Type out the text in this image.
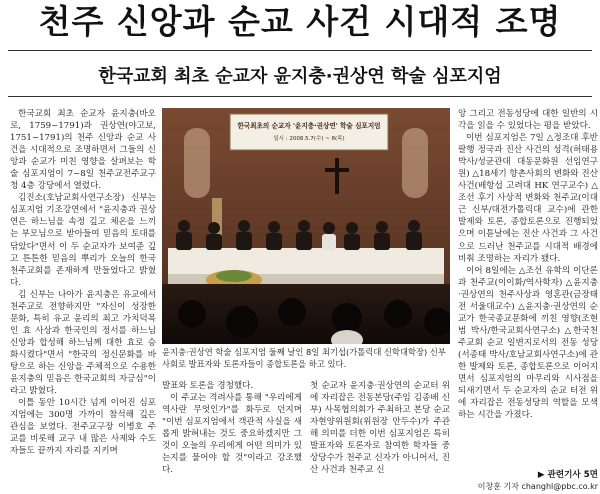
천주 신앙과 순교 사건 시대적 조명
한국교회 최초 순교자 윤지충·권상연 학술 심포지엄

한국교회 최초 순교자 윤지충(바오로, 1759~1791)과 권상연(야고보, 1751~1791)의 천주 신앙과 순교 사건을 시대적으로 조명하면서 그들의 신앙과 순교가 미친 영향을 살펴보는 학술 심포지엄이 7~8일 천주교전주교구청 4층 강당에서 열렸다.

김진소(호남교회사연구소장) 신부는 심포지엄 기조강연에서 "윤지충과 권상연은 하느님을 속정 깊고 체온을 느끼는 부모님으로 받아들여 믿음의 토대를 닦았다"면서 이 두 순교자가 보여준 깊고 튼튼한 믿음의 뿌리가 오늘의 한국 천주교회를 존재하게 만들었다고 밝혔다.

김 신부는 나아가 윤지충은 유교에서 천주교로 전향하지만 "자신이 성장한 문화, 특히 유교 윤리의 최고 가치덕목인 효 사상과 한국인의 정서를 하느님 신앙과 합성해 하느님께 대한 효로 승화시켰다"면서 "한국의 정신문화를 바탕으로 하는 신앙을 주체적으로 수용한 윤지충의 믿음은 한국교회의 자긍심"이라고 밝혔다.

이틀 동안 10시간 넘게 이어진 심포지엄에는 300명 가까이 참석해 깊은 관심을 보였다. 전주교구장 이병호 주교를 비롯해 교구 내 많은 사제와 수도자들도 끝까지 자리를 지키며

한국최초의 순교자 '윤지충·권상연' 학술 심포지엄
일시 : 2008.5.7(수) ~ 8(목)
윤지충·권상연 학술 심포지엄 둘째 날인 8일 최기섭(가톨릭대 신학대학장) 신부 사회로 발표자와 토론자들이 종합토론을 하고 있다.

발표와 토론을 경청했다.

이 주교는 격려사를 통해 "우리에게 역사란 무엇인가"를 화두로 던지며 "이번 심포지엄에서 객관적 사실을 새롭게 밝혀내는 것도 중요하겠지만 그것이 오늘의 우리에게 어떤 의미가 있는지를 물어야 할 것"이라고 강조했다.

첫 순교자 윤지충·권상연의 순교터 위에 자리잡은 전동본당(주임 김종배 신부) 사목협의회가 주최하고 본당 순교자현양위원회(위원장 안두수)가 주관해 의미를 더한 이번 심포지엄은 특히 발표자와 토론자로 참여한 학자들 중 상당수가 천주교 신자가 아니어서, 진산 사건과 천주교 신

앙 그리고 전동성당에 대한 일반의 시각을 읽을 수 있었다는 평을 받았다.

이번 심포지엄은 7일 △정조대 후반 팔행 정국과 진산 사건의 성격(허태용 박사/성균관대 대동문화원 선임연구원) △18세기 향촌사회의 변화와 진산사건(배항섭 고려대 HK 연구교수) △조선 후기 사상적 변화와 천주교(이대근 신부/대전가톨릭대 교수)에 관한 발제와 토론, 종합토론으로 진행되었으며 이튿날에는 진산 사건과 그 사건으로 드러난 천주교를 시대적 배경에 비춰 조명하는 자리가 됐다.

이어 8일에는 △조선 유학의 이단론과 천주교(이이화/역사학자) △윤지충·권상연의 천주사상과 영혼관(금장태 전 서울대교수) △윤지충·권상연의 순교가 한국종교문화에 끼친 영향(조현범 박사/한국교회사연구소) △한국천주교회 순교 일변지로서의 전동 성당(서종태 박사/호남교회사연구소)에 관한 발제와 토론, 종합토론으로 이어지면서 심포지엄의 마무리와 시사점을 되새기면서 두 순교자의 순교 터전 위에 자리잡은 전동성당의 역할을 모색하는 시간을 가졌다.

▶ 관련기사 5면
이창훈 기자 changhl@pbc.co.kr
